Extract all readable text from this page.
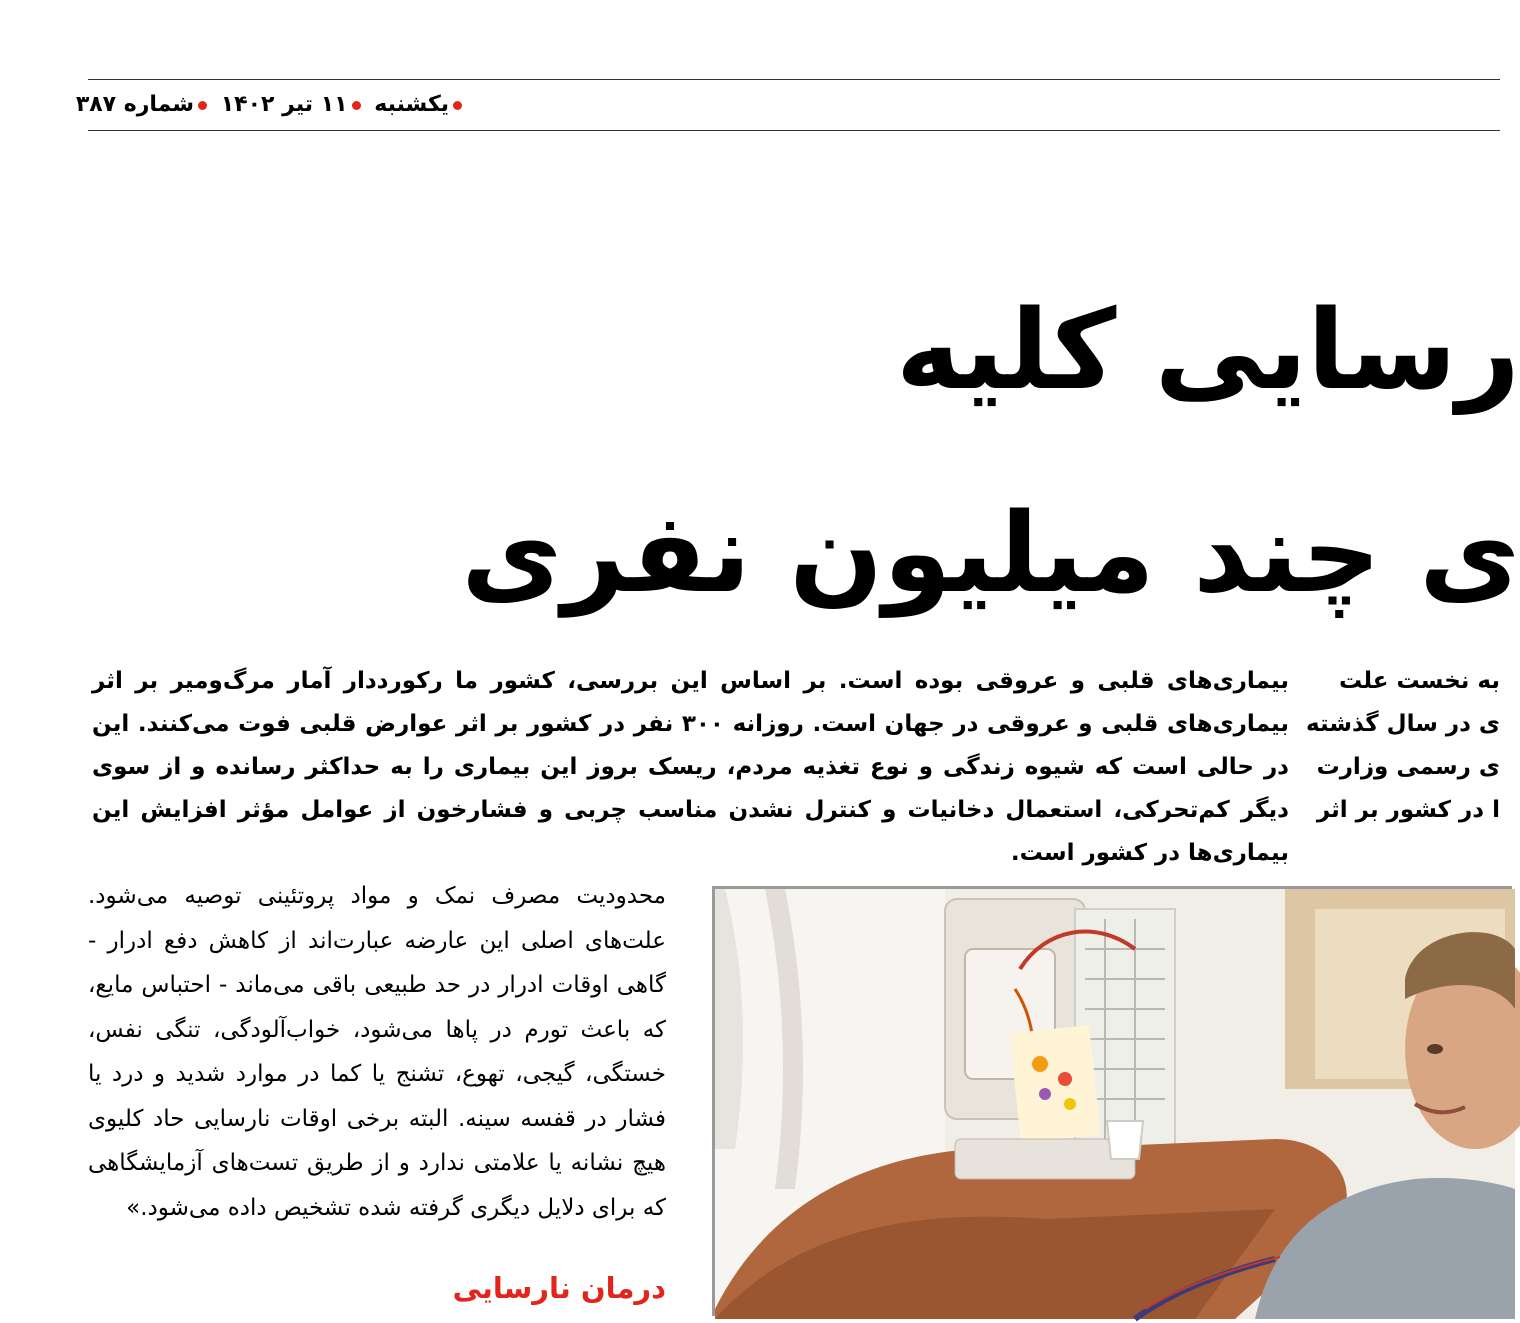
یکشنبه ۱۱ تیر ۱۴۰۲ شماره ۳۸۷
رسایی کلیه
ی چند میلیون نفری
بیماری‌های قلبی و عروقی بوده است. بر اساس این بررسی، کشور ما رکورددار آمار مرگ‌ومیر بر اثر بیماری‌های قلبی و عروقی در جهان است. روزانه ۳۰۰ نفر در کشور بر اثر عوارض قلبی فوت می‌کنند. این در حالی است که شیوه زندگی و نوع تغذیه مردم، ریسک بروز این بیماری را به حداکثر رسانده و از سوی دیگر کم‌تحرکی، استعمال دخانیات و کنترل نشدن مناسب چربی و فشارخون از عوامل مؤثر افزایش این بیماری‌ها در کشور است.
به نخست علت
ی در سال گذشته
ی رسمی وزارت
ا در کشور بر اثر
محدودیت مصرف نمک و مواد پروتئینی توصیه می‌شود. علت‌های اصلی این عارضه عبارت‌اند از کاهش دفع ادرار - گاهی اوقات ادرار در حد طبیعی باقی می‌ماند - احتباس مایع، که باعث تورم در پاها می‌شود، خواب‌آلودگی، تنگی نفس، خستگی، گیجی، تهوع، تشنج یا کما در موارد شدید و درد یا فشار در قفسه سینه. البته برخی اوقات نارسایی حاد کلیوی هیچ نشانه یا علامتی ندارد و از طریق تست‌های آزمایشگاهی که برای دلایل دیگری گرفته شده تشخیص داده می‌شود.»
درمان نارسایی
